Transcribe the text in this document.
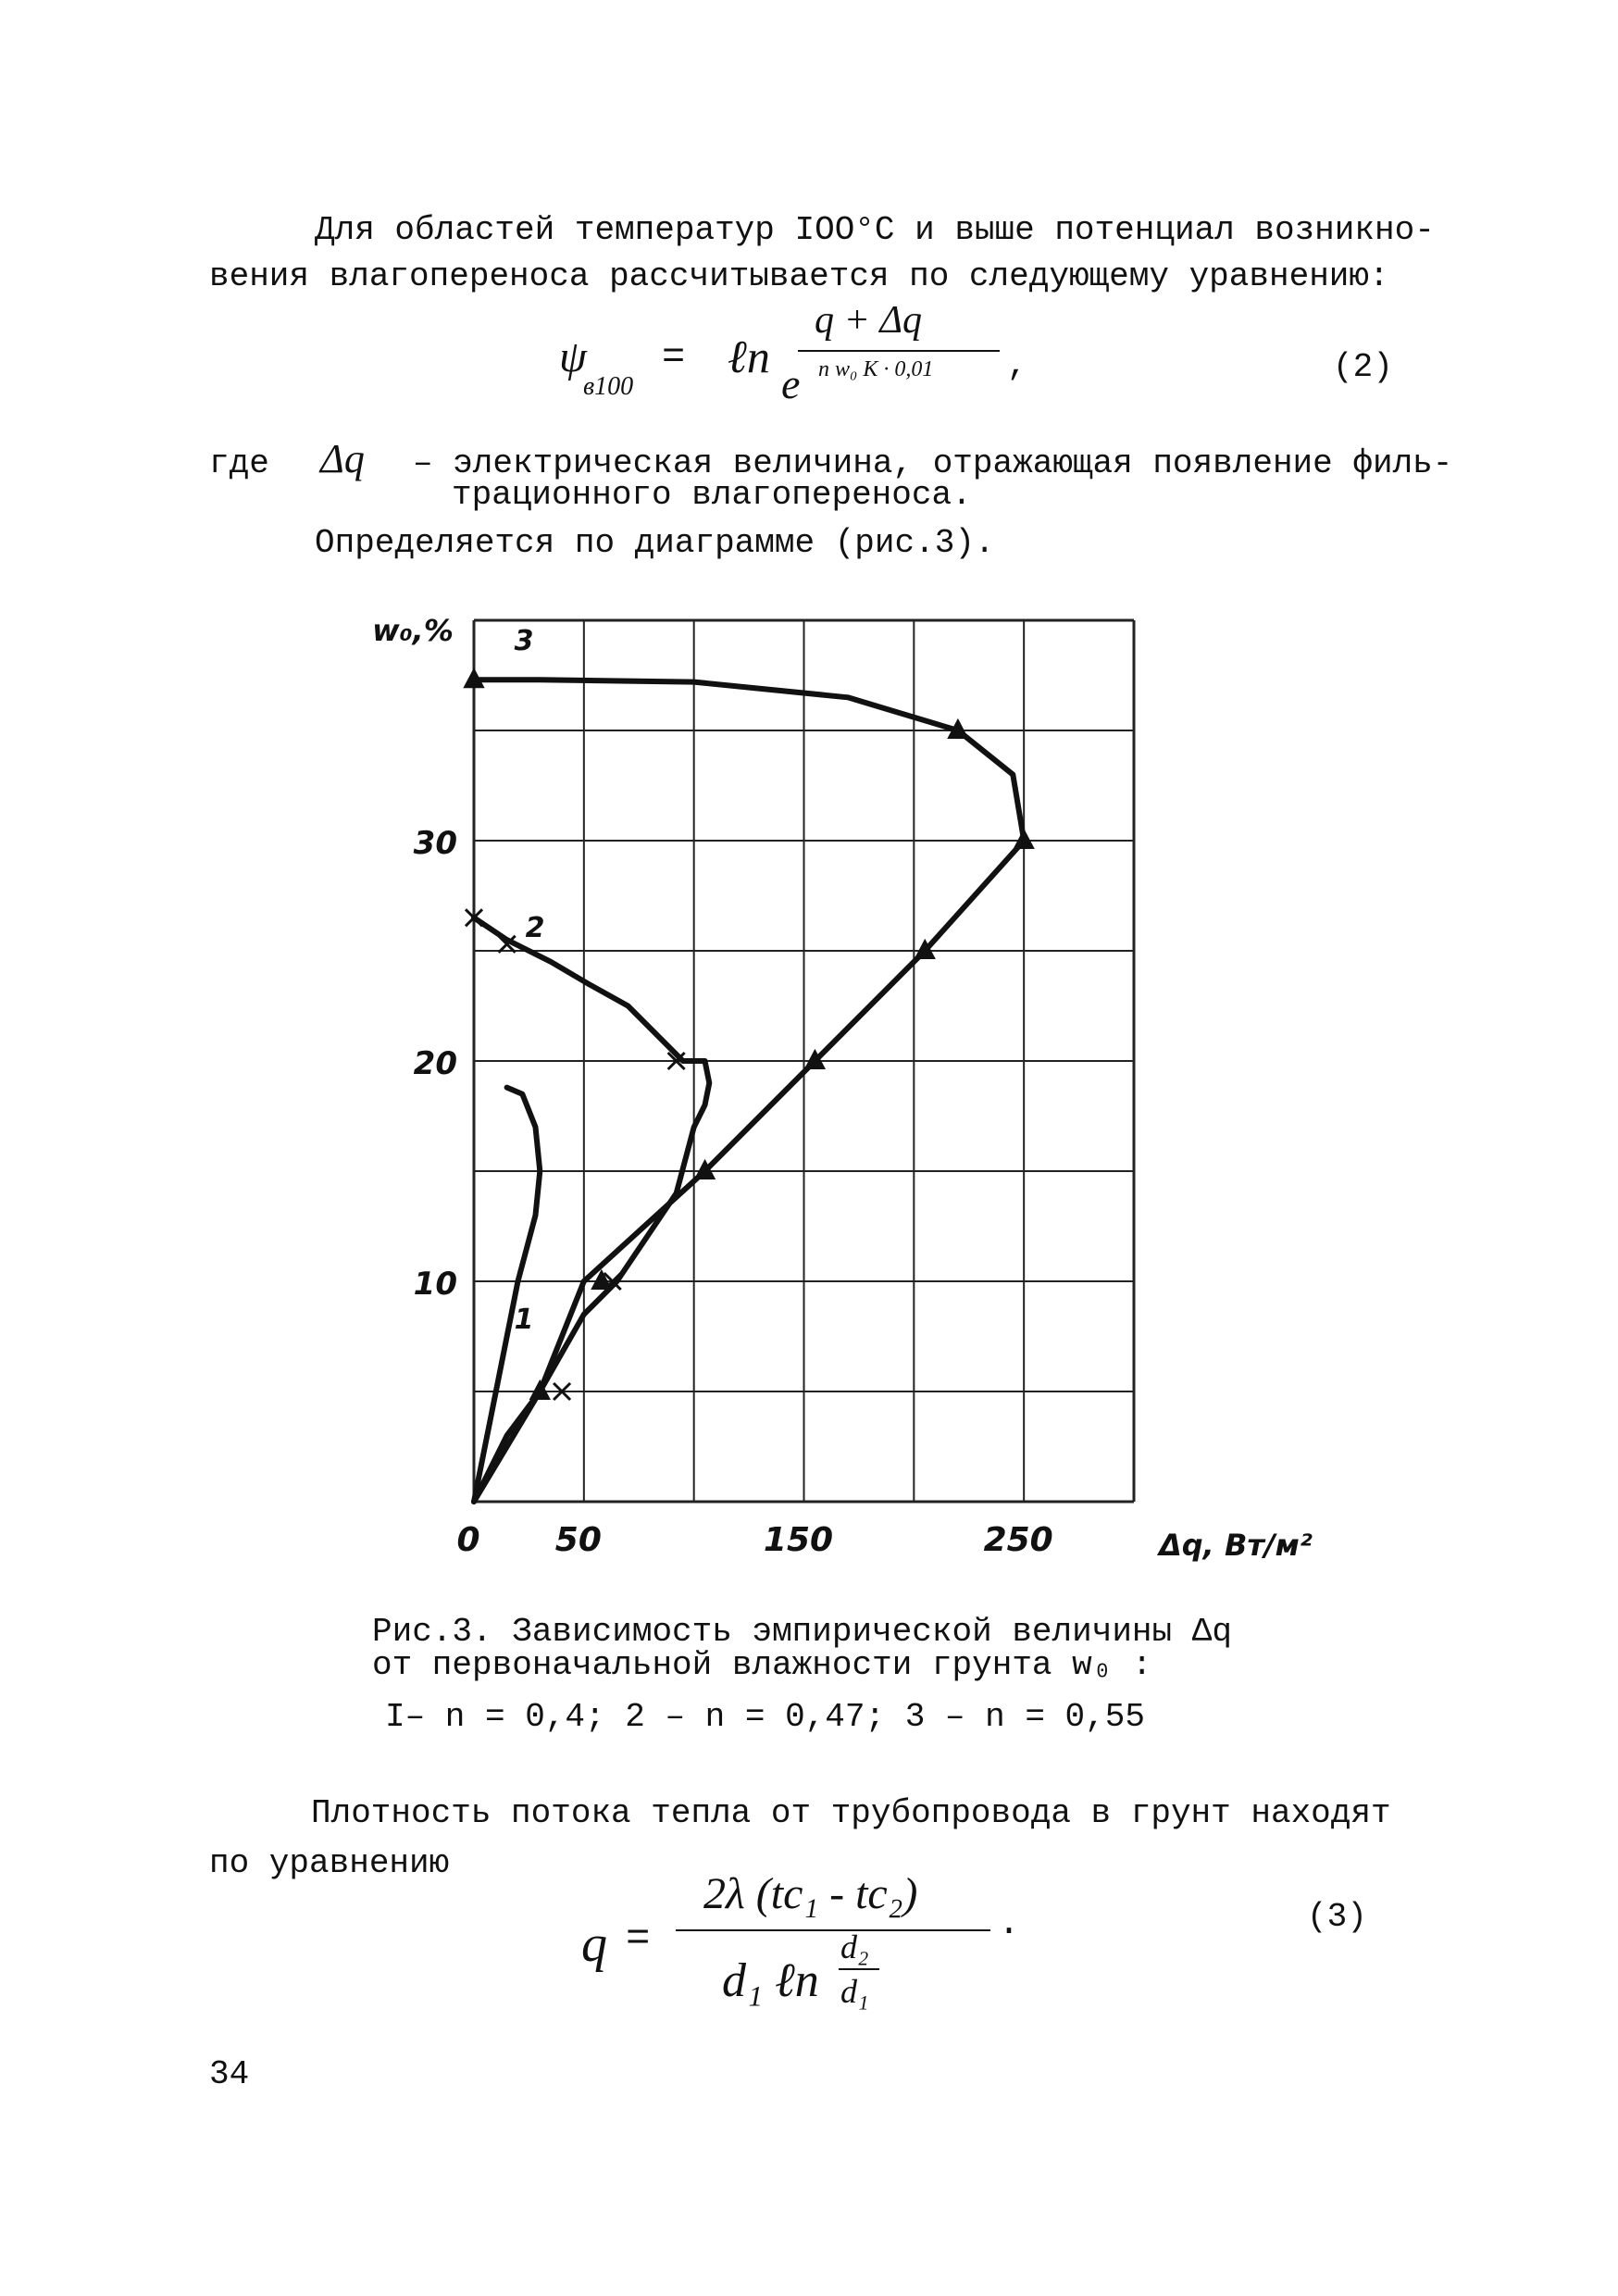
Для областей температур IОО°С и выше потенциал возникно-
вения влагопереноса рассчитывается по следующему уравнению:
ψ
в100
= ℓn
q + Δq
e n w₀ K · 0,01 ,	(2)
где Δq – электрическая величина, отражающая появление филь-
трационного влагопереноса.
Определяется по диаграмме (рис.3).
w₀,%
Δq, Вт/м²
0 50	150	250
10
20
30
1
2
3
Рис.3. Зависимость эмпирической величины Δq
от первоначальной влажности грунта w₀ :
I– n = 0,4; 2 – n = 0,47; 3 – n = 0,55
Плотность потока тепла от трубопровода в грунт находят
по уравнению
q =
2λ (tc₁ - tc₂)
d₁ ℓn
d₂
d₁
.	(3)
34
